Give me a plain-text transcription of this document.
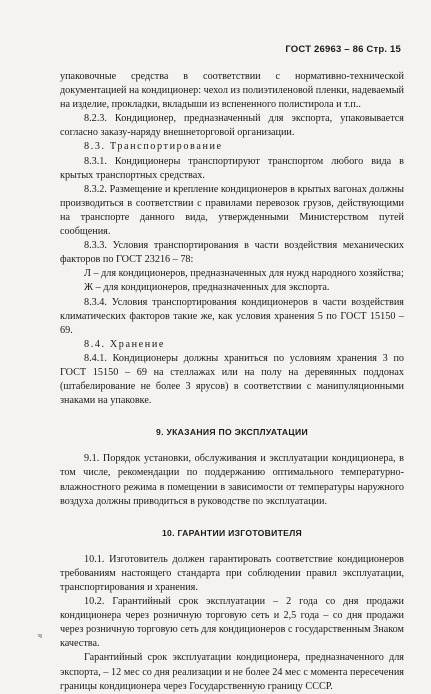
ГОСТ 26963 – 86 Стр. 15

упаковочные средства в соответствии с нормативно-технической документацией на кондиционер: чехол из полиэтиленовой пленки, надеваемый на изделие, прокладки, вкладыши из вспененного полистирола и т.п..

8.2.3. Кондиционер, предназначенный для экспорта, упаковывается согласно заказу-наряду внешнеторговой организации.

8.3. Транспортирование

8.3.1. Кондиционеры транспортируют транспортом любого вида в крытых транспортных средствах.

8.3.2. Размещение и крепление кондиционеров в крытых вагонах должны производиться в соответствии с правилами перевозок грузов, действующими на транспорте данного вида, утвержденными Министерством путей сообщения.

8.3.3. Условия транспортирования в части воздействия механических факторов по ГОСТ 23216 – 78:

Л – для кондиционеров, предназначенных для нужд народного хозяйства;

Ж – для кондиционеров, предназначенных для экспорта.

8.3.4. Условия транспортирования кондиционеров в части воздействия климатических факторов такие же, как условия хранения 5 по ГОСТ 15150 – 69.

8.4. Хранение

8.4.1. Кондиционеры должны храниться по условиям хранения 3 по ГОСТ 15150 – 69 на стеллажах или на полу на деревянных поддонах (штабелирование не более 3 ярусов) в соответствии с манипуляционными знаками на упаковке.

9. УКАЗАНИЯ ПО ЭКСПЛУАТАЦИИ

9.1. Порядок установки, обслуживания и эксплуатации кондиционера, в том числе, рекомендации по поддержанию оптимального температурно-влажностного режима в помещении в зависимости от температуры наружного воздуха должны приводиться в руководстве по эксплуатации.

10. ГАРАНТИИ ИЗГОТОВИТЕЛЯ

10.1. Изготовитель должен гарантировать соответствие кондиционеров требованиям настоящего стандарта при соблюдении правил эксплуатации, транспортирования и хранения.

10.2. Гарантийный срок эксплуатации – 2 года со дня продажи кондиционера через розничную торговую сеть и 2,5 года – со дня продажи через розничную торговую сеть для кондиционеров с государственным Знаком качества.

Гарантийный срок эксплуатации кондиционера, предназначенного для экспорта, – 12 мес со дня реализации и не более 24 мес с момента пересечения границы кондиционера через Государственную границу СССР.

ч
